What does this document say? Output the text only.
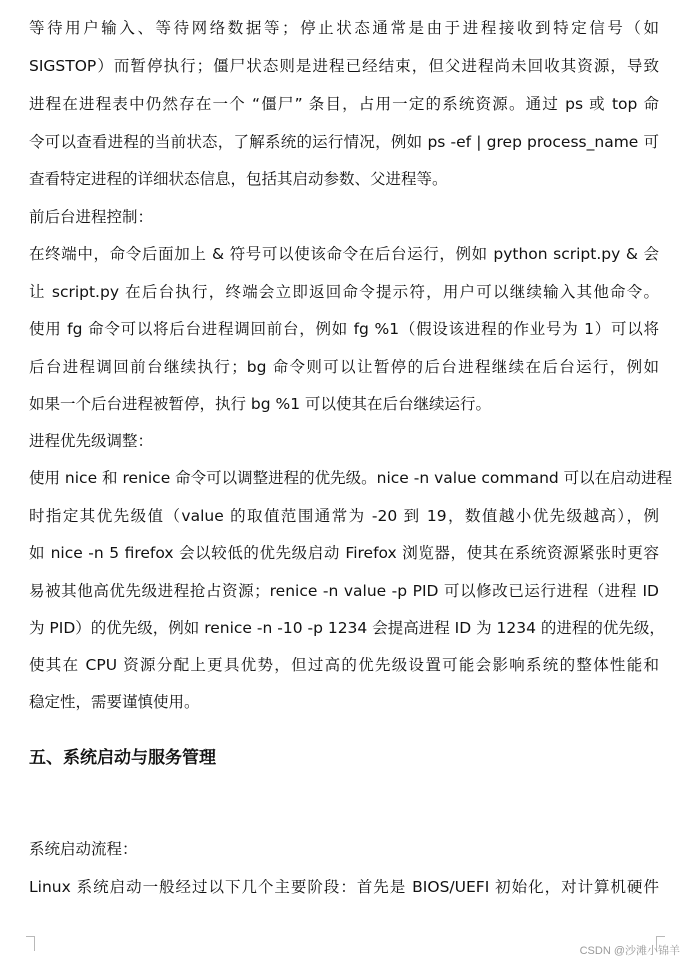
等待用户输入、等待网络数据等；停止状态通常是由于进程接收到特定信号（如

SIGSTOP）而暂停执行；僵尸状态则是进程已经结束，但父进程尚未回收其资源，导致

进程在进程表中仍然存在一个 “僵尸” 条目，占用一定的系统资源。通过 ps 或 top 命

令可以查看进程的当前状态，了解系统的运行情况，例如 ps -ef | grep process_name 可

查看特定进程的详细状态信息，包括其启动参数、父进程等。

前后台进程控制：

在终端中，命令后面加上 & 符号可以使该命令在后台运行，例如 python script.py & 会

让 script.py 在后台执行，终端会立即返回命令提示符，用户可以继续输入其他命令。

使用 fg 命令可以将后台进程调回前台，例如 fg %1（假设该进程的作业号为 1）可以将

后台进程调回前台继续执行；bg 命令则可以让暂停的后台进程继续在后台运行，例如

如果一个后台进程被暂停，执行 bg %1 可以使其在后台继续运行。

进程优先级调整：

使用 nice 和 renice 命令可以调整进程的优先级。nice -n value command 可以在启动进程

时指定其优先级值（value 的取值范围通常为 -20 到 19，数值越小优先级越高），例

如 nice -n 5 firefox 会以较低的优先级启动 Firefox 浏览器，使其在系统资源紧张时更容

易被其他高优先级进程抢占资源；renice -n value -p PID 可以修改已运行进程（进程 ID

为 PID）的优先级，例如 renice -n -10 -p 1234 会提高进程 ID 为 1234 的进程的优先级，

使其在 CPU 资源分配上更具优势，但过高的优先级设置可能会影响系统的整体性能和

稳定性，需要谨慎使用。

五、系统启动与服务管理

系统启动流程：

Linux 系统启动一般经过以下几个主要阶段：首先是 BIOS/UEFI 初始化，对计算机硬件

CSDN @沙滩小锦羊
